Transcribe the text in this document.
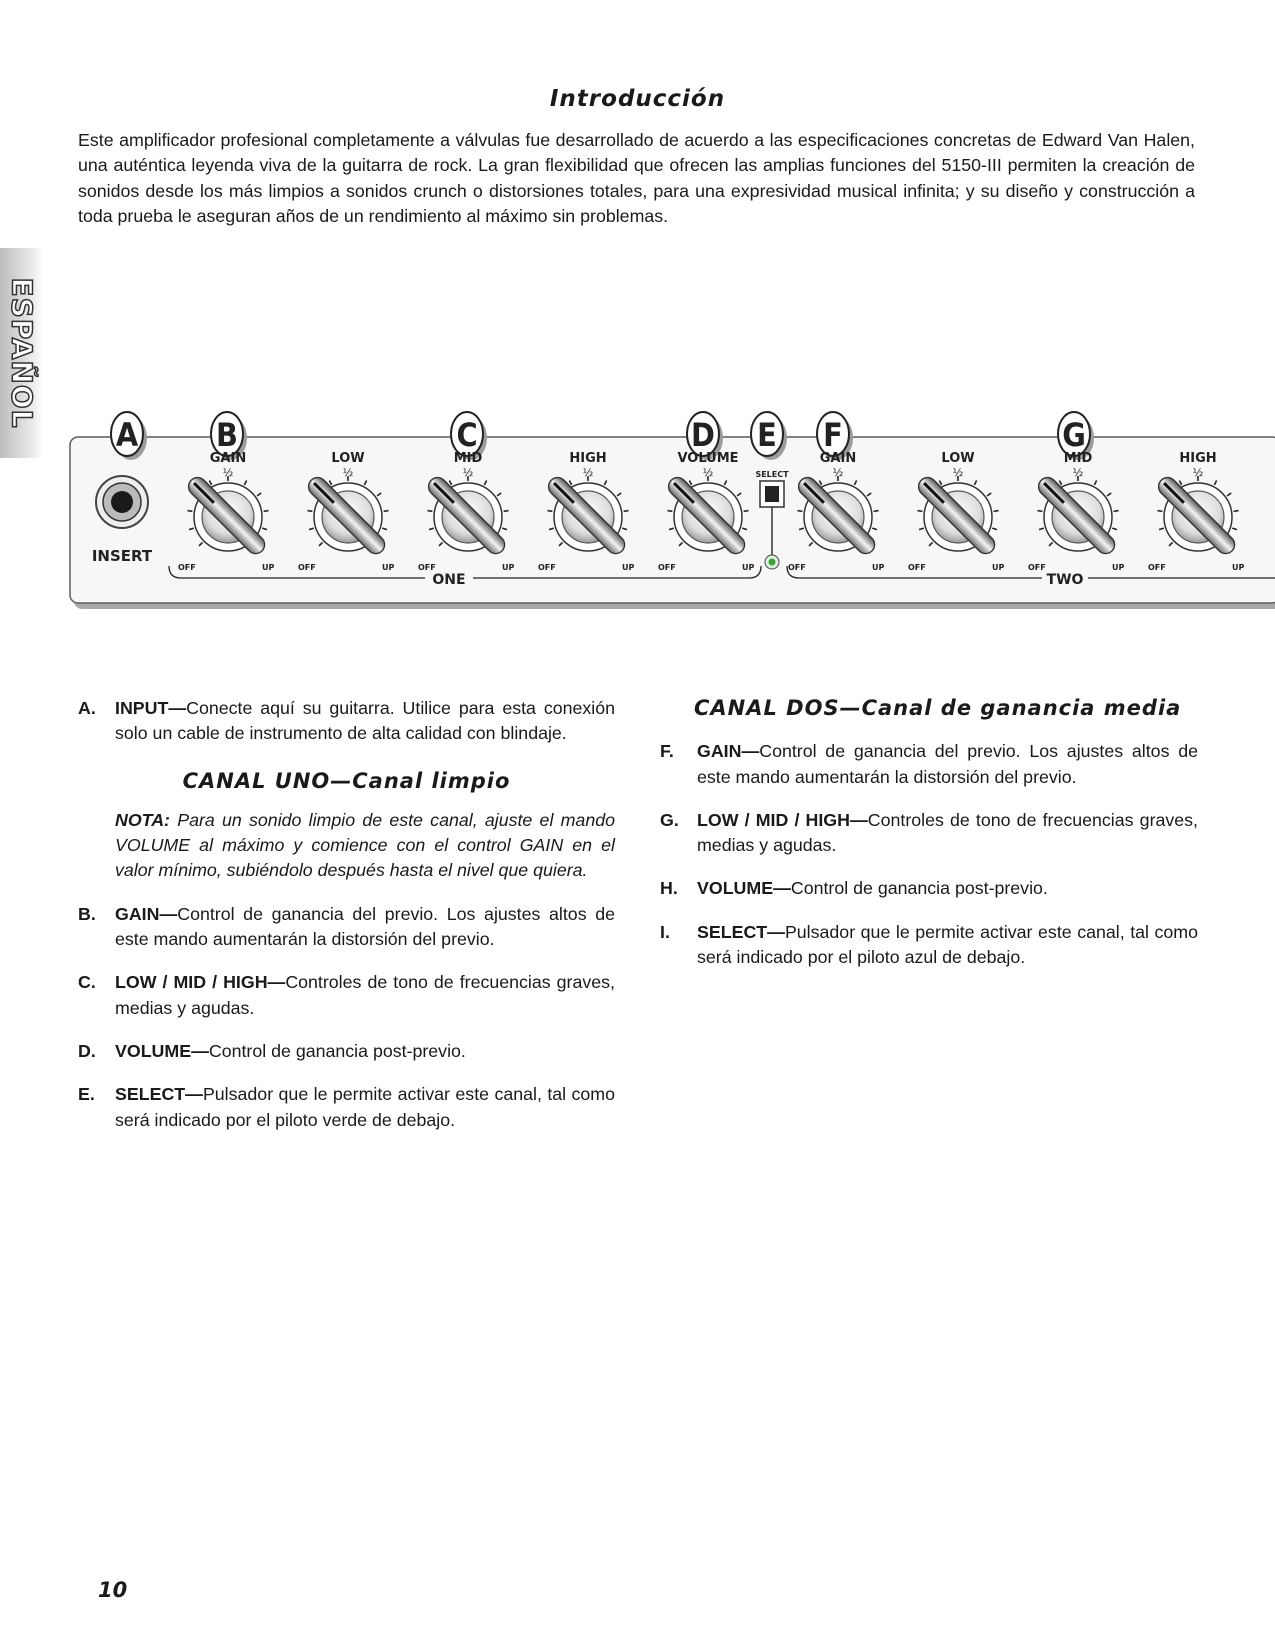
ESPAÑOL
Introducción

Este amplificador profesional completamente a válvulas fue desarrollado de acuerdo a las especificaciones concretas de Edward Van Halen, una auténtica leyenda viva de la guitarra de rock. La gran flexibilidad que ofrecen las amplias funciones del 5150-III permiten la creación de sonidos desde los más limpios a sonidos crunch o distorsiones totales, para una expresividad musical infinita; y su diseño y construcción a toda prueba le aseguran años de un rendimiento al máximo sin problemas.

A B	C	D E F	G
INSERT
SELECT
GAIN
½
OFF	UP
LOW
½
OFF	UP
MID
½
OFF	UP
HIGH
½
OFF	UP
VOLUME
½
OFF	UP
GAIN
½
OFF	UP
LOW
½
OFF	UP
MID
½
OFF	UP
HIGH
½
OFF	UP
ONE	TWO
A. INPUT—Conecte aquí su guitarra. Utilice para esta conexión solo un cable de instrumento de alta calidad con blindaje.
CANAL UNO—Canal limpio

NOTA: Para un sonido limpio de este canal, ajuste el mando VOLUME al máximo y comience con el control GAIN en el valor mínimo, subiéndolo después hasta el nivel que quiera.

B. GAIN—Control de ganancia del previo. Los ajustes altos de este mando aumentarán la distorsión del previo.
C. LOW / MID / HIGH—Controles de tono de frecuencias graves, medias y agudas.
D. VOLUME—Control de ganancia post-previo.
E. SELECT—Pulsador que le permite activar este canal, tal como será indicado por el piloto verde de debajo.
CANAL DOS—Canal de ganancia media
F. GAIN—Control de ganancia del previo. Los ajustes altos de este mando aumentarán la distorsión del previo.
G. LOW / MID / HIGH—Controles de tono de frecuencias graves, medias y agudas.
H. VOLUME—Control de ganancia post-previo.
I. SELECT—Pulsador que le permite activar este canal, tal como será indicado por el piloto azul de debajo.

10
